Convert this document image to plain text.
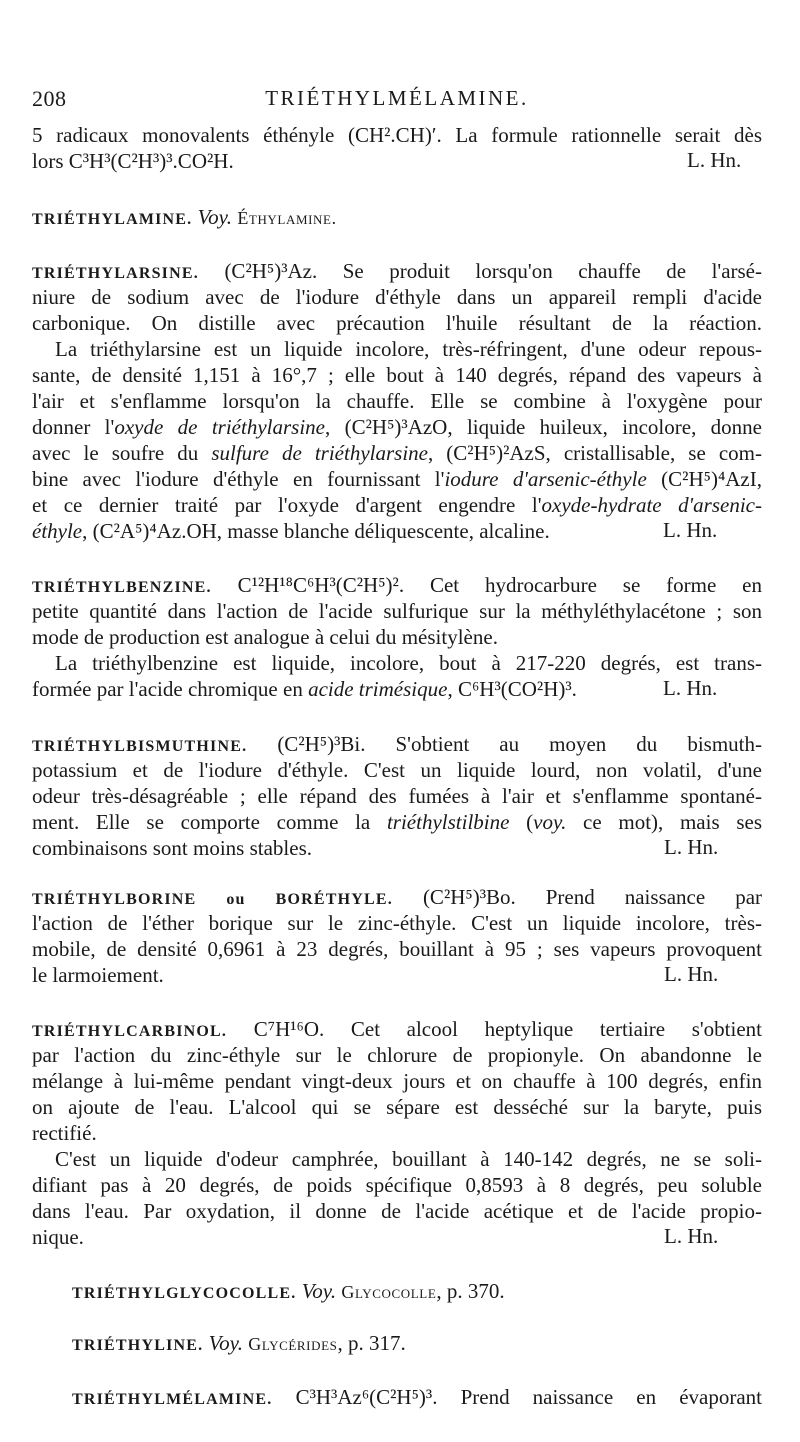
208	TRIÉTHYLMÉLAMINE.
5 radicaux monovalents éthényle (CH².CH)′. La formule rationnelle serait dès
lors C³H³(C²H³)³.CO²H.	L. Hn.
TRIÉTHYLAMINE. Voy. Éthylamine.
TRIÉTHYLARSINE. (C²H⁵)³Az. Se produit lorsqu'on chauffe de l'arsé-
niure de sodium avec de l'iodure d'éthyle dans un appareil rempli d'acide
carbonique. On distille avec précaution l'huile résultant de la réaction.
La triéthylarsine est un liquide incolore, très-réfringent, d'une odeur repous-
sante, de densité 1,151 à 16°,7 ; elle bout à 140 degrés, répand des vapeurs à
l'air et s'enflamme lorsqu'on la chauffe. Elle se combine à l'oxygène pour
donner l'oxyde de triéthylarsine, (C²H⁵)³AzO, liquide huileux, incolore, donne
avec le soufre du sulfure de triéthylarsine, (C²H⁵)²AzS, cristallisable, se com-
bine avec l'iodure d'éthyle en fournissant l'iodure d'arsenic-éthyle (C²H⁵)⁴AzI,
et ce dernier traité par l'oxyde d'argent engendre l'oxyde-hydrate d'arsenic-
éthyle, (C²A⁵)⁴Az.OH, masse blanche déliquescente, alcaline.	L. Hn.
TRIÉTHYLBENZINE. C¹²H¹⁸C⁶H³(C²H⁵)². Cet hydrocarbure se forme en
petite quantité dans l'action de l'acide sulfurique sur la méthyléthylacétone ; son
mode de production est analogue à celui du mésitylène.
La triéthylbenzine est liquide, incolore, bout à 217-220 degrés, est trans-
formée par l'acide chromique en acide trimésique, C⁶H³(CO²H)³.	L. Hn.
TRIÉTHYLBISMUTHINE. (C²H⁵)³Bi. S'obtient au moyen du bismuth-
potassium et de l'iodure d'éthyle. C'est un liquide lourd, non volatil, d'une
odeur très-désagréable ; elle répand des fumées à l'air et s'enflamme spontané-
ment. Elle se comporte comme la triéthylstilbine (voy. ce mot), mais ses
combinaisons sont moins stables.	L. Hn.
TRIÉTHYLBORINE ou BORÉTHYLE. (C²H⁵)³Bo. Prend naissance par
l'action de l'éther borique sur le zinc-éthyle. C'est un liquide incolore, très-
mobile, de densité 0,6961 à 23 degrés, bouillant à 95 ; ses vapeurs provoquent
le larmoiement.	L. Hn.
TRIÉTHYLCARBINOL. C⁷H¹⁶O. Cet alcool heptylique tertiaire s'obtient
par l'action du zinc-éthyle sur le chlorure de propionyle. On abandonne le
mélange à lui-même pendant vingt-deux jours et on chauffe à 100 degrés, enfin
on ajoute de l'eau. L'alcool qui se sépare est desséché sur la baryte, puis
rectifié.
C'est un liquide d'odeur camphrée, bouillant à 140-142 degrés, ne se soli-
difiant pas à 20 degrés, de poids spécifique 0,8593 à 8 degrés, peu soluble
dans l'eau. Par oxydation, il donne de l'acide acétique et de l'acide propio-
nique.	L. Hn.
TRIÉTHYLGLYCOCOLLE. Voy. Glycocolle, p. 370.
TRIÉTHYLINE. Voy. Glycérides, p. 317.
TRIÉTHYLMÉLAMINE. C³H³Az⁶(C²H⁵)³. Prend naissance en évaporant
